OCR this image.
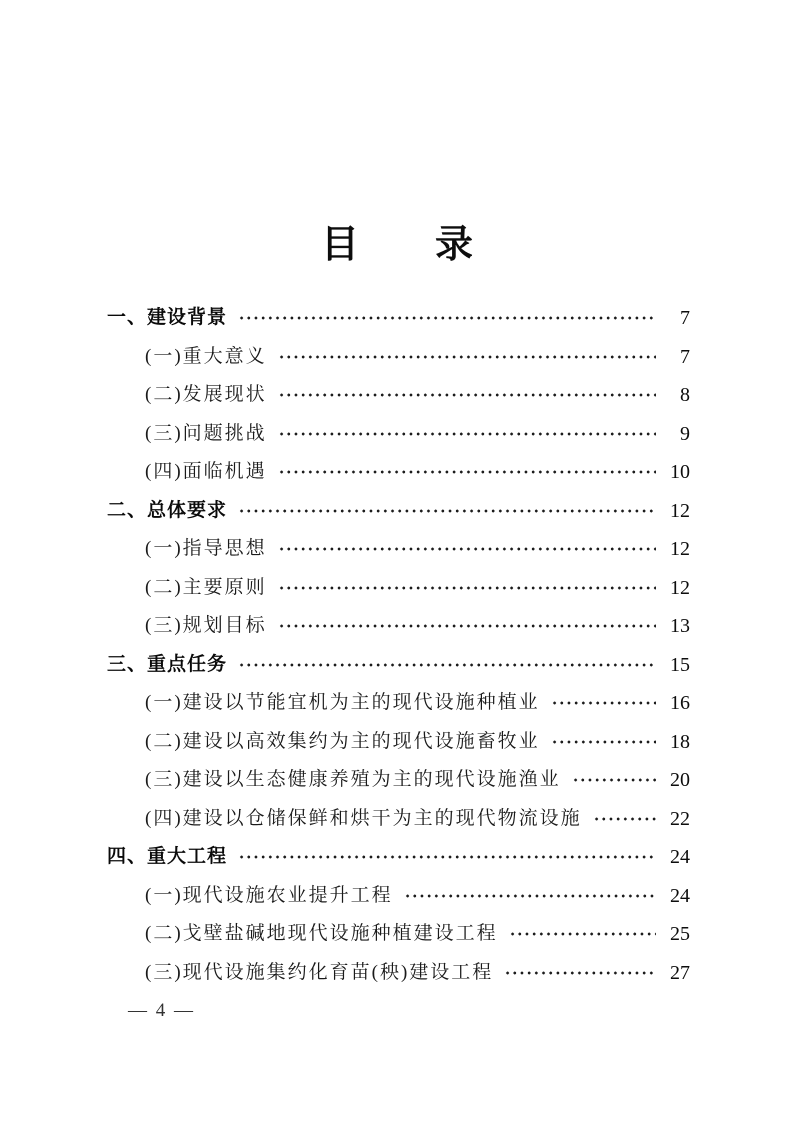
目　　录
一、建设背景	7
(一)重大意义	7
(二)发展现状	8
(三)问题挑战	9
(四)面临机遇	10
二、总体要求	12
(一)指导思想	12
(二)主要原则	12
(三)规划目标	13
三、重点任务	15
(一)建设以节能宜机为主的现代设施种植业	16
(二)建设以高效集约为主的现代设施畜牧业	18
(三)建设以生态健康养殖为主的现代设施渔业	20
(四)建设以仓储保鲜和烘干为主的现代物流设施	22
四、重大工程	24
(一)现代设施农业提升工程	24
(二)戈壁盐碱地现代设施种植建设工程	25
(三)现代设施集约化育苗(秧)建设工程	27
— 4 —
